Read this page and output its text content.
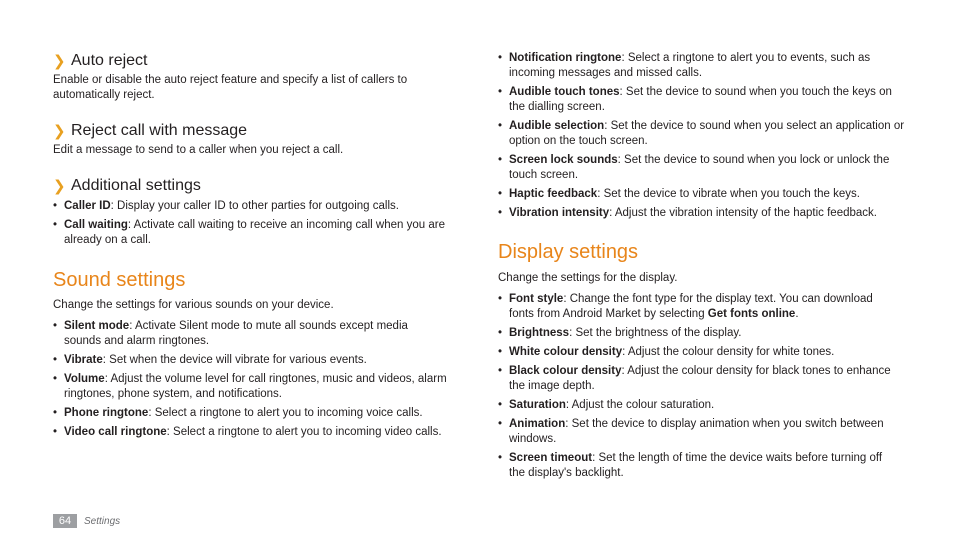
❯ Auto reject

Enable or disable the auto reject feature and specify a list of callers to automatically reject.

❯ Reject call with message

Edit a message to send to a caller when you reject a call.

❯ Additional settings
• Caller ID: Display your caller ID to other parties for outgoing calls.
• Call waiting: Activate call waiting to receive an incoming call when you are already on a call.
Sound settings

Change the settings for various sounds on your device.

• Silent mode: Activate Silent mode to mute all sounds except media sounds and alarm ringtones.
• Vibrate: Set when the device will vibrate for various events.
• Volume: Adjust the volume level for call ringtones, music and videos, alarm ringtones, phone system, and notifications.
• Phone ringtone: Select a ringtone to alert you to incoming voice calls.
• Video call ringtone: Select a ringtone to alert you to incoming video calls.
• Notification ringtone: Select a ringtone to alert you to events, such as incoming messages and missed calls.
• Audible touch tones: Set the device to sound when you touch the keys on the dialling screen.
• Audible selection: Set the device to sound when you select an application or option on the touch screen.
• Screen lock sounds: Set the device to sound when you lock or unlock the touch screen.
• Haptic feedback: Set the device to vibrate when you touch the keys.
• Vibration intensity: Adjust the vibration intensity of the haptic feedback.
Display settings

Change the settings for the display.

• Font style: Change the font type for the display text. You can download fonts from Android Market by selecting Get fonts online.
• Brightness: Set the brightness of the display.
• White colour density: Adjust the colour density for white tones.
• Black colour density: Adjust the colour density for black tones to enhance the image depth.
• Saturation: Adjust the colour saturation.
• Animation: Set the device to display animation when you switch between windows.
• Screen timeout: Set the length of time the device waits before turning off the display's backlight.
64	Settings
